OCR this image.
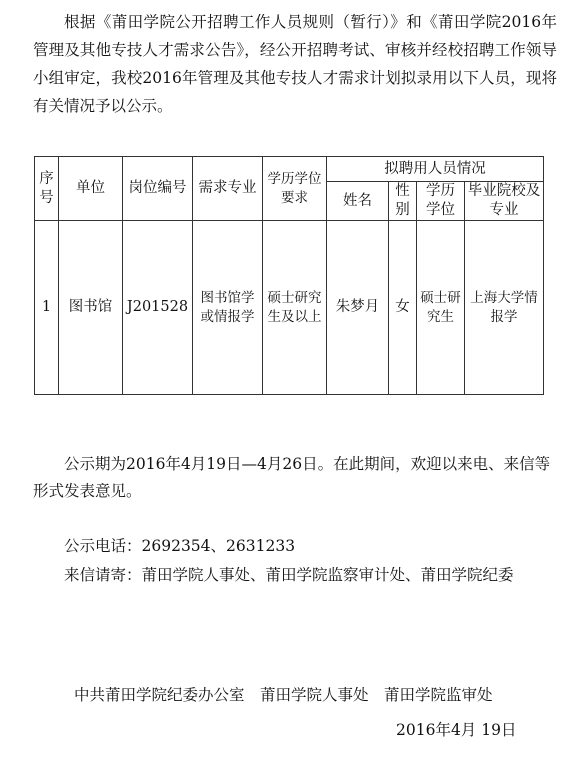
根据《莆田学院公开招聘工作人员规则（暂行）》和《莆田学院2016年管理及其他专技人才需求公告》，经公开招聘考试、审核并经校招聘工作领导小组审定，我校2016年管理及其他专技人才需求计划拟录用以下人员，现将有关情况予以公示。

序号	单位	岗位编号	需求专业	学历学位要求	拟聘用人员情况			
					姓名	性别	学历学位	毕业院校及专业
1	图书馆	J201528	图书馆学或情报学	硕士研究生及以上	朱梦月	女	硕士研究生	上海大学情报学

公示期为2016年4月19日—4月26日。在此期间，欢迎以来电、来信等形式发表意见。

公示电话：2692354、2631233

来信请寄：莆田学院人事处、莆田学院监察审计处、莆田学院纪委

中共莆田学院纪委办公室　莆田学院人事处　莆田学院监审处

2016年4月 19日
